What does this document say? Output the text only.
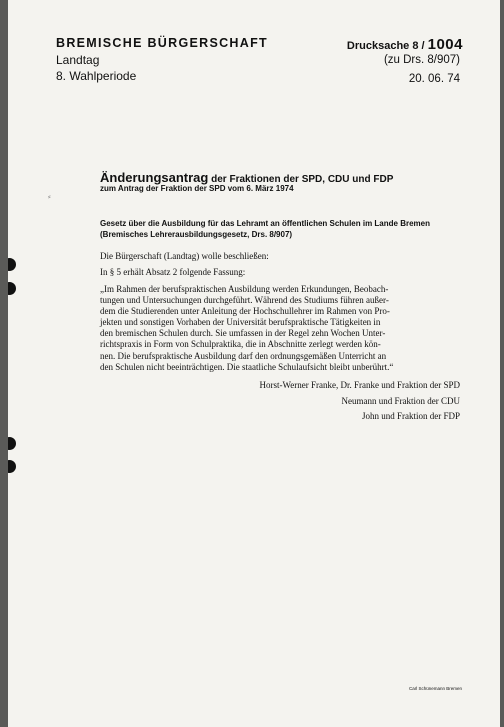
⸗

BREMISCHE BÜRGERSCHAFT

Landtag

8. Wahlperiode

Drucksache 8 / 1004

(zu Drs. 8/907)

20. 06. 74

Änderungsantrag der Fraktionen der SPD, CDU und FDP

zum Antrag der Fraktion der SPD vom 6. März 1974

Gesetz über die Ausbildung für das Lehramt an öffentlichen Schulen im Lande Bremen (Bremisches Lehrerausbildungsgesetz, Drs. 8/907)

Die Bürgerschaft (Landtag) wolle beschließen:

In § 5 erhält Absatz 2 folgende Fassung:

„Im Rahmen der berufspraktischen Ausbildung werden Erkundungen, Beobach-
tungen und Untersuchungen durchgeführt. Während des Studiums führen außer-
dem die Studierenden unter Anleitung der Hochschullehrer im Rahmen von Pro-
jekten und sonstigen Vorhaben der Universität berufspraktische Tätigkeiten in
den bremischen Schulen durch. Sie umfassen in der Regel zehn Wochen Unter-
richtspraxis in Form von Schulpraktika, die in Abschnitte zerlegt werden kön-
nen. Die berufspraktische Ausbildung darf den ordnungsgemäßen Unterricht an
den Schulen nicht beeinträchtigen. Die staatliche Schulaufsicht bleibt unberührt.“

Horst-Werner Franke, Dr. Franke und Fraktion der SPD

Neumann und Fraktion der CDU

John und Fraktion der FDP

Carl Schünemann Bremen
